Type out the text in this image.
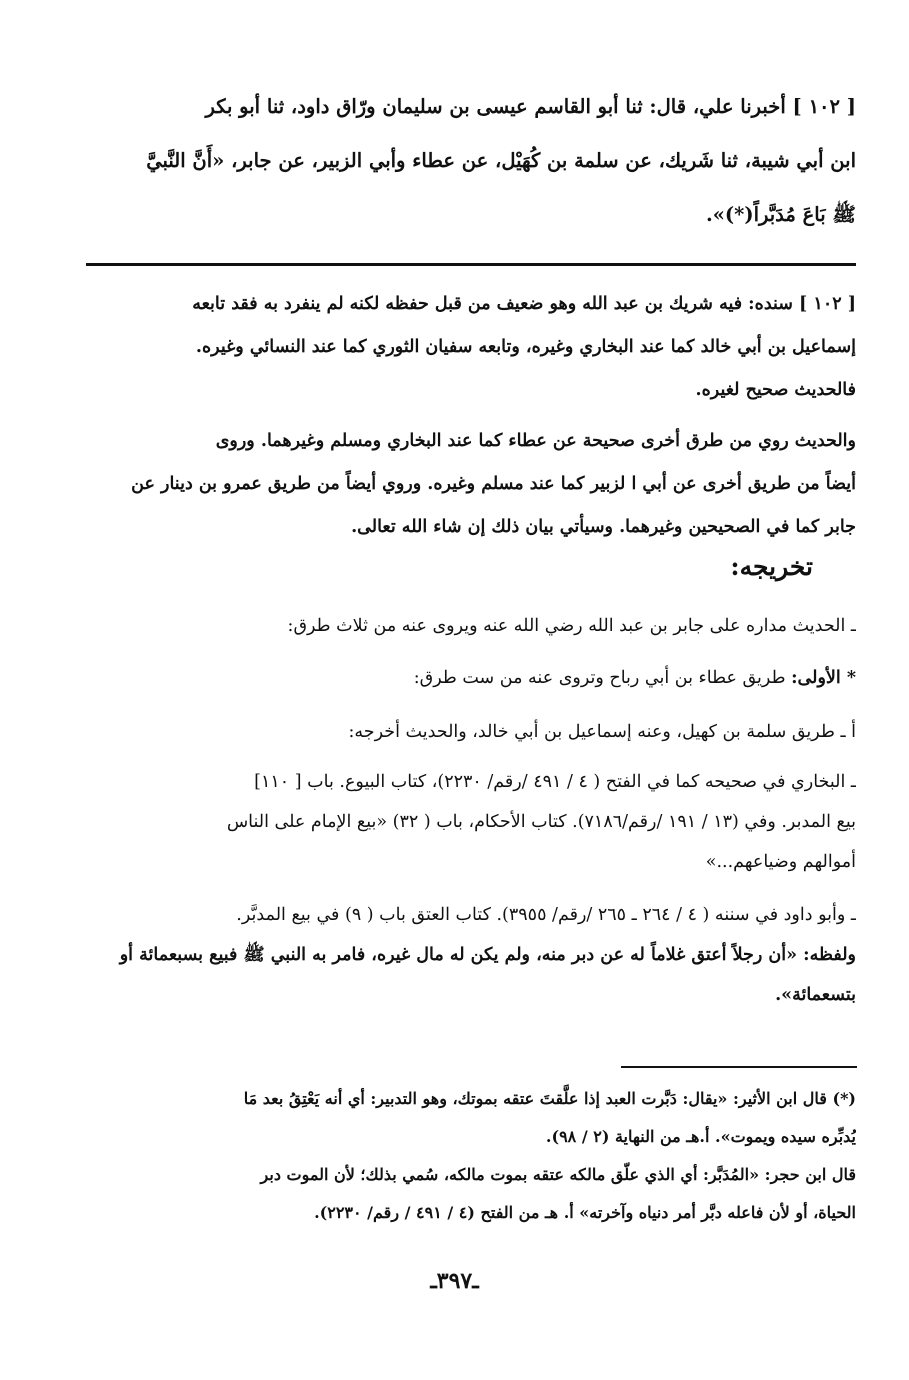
[ ١٠٢ ] أخبرنا علي، قال: ثنا أبو القاسم عيسى بن سليمان ورّاق داود، ثنا أبو بكر
ابن أبي شيبة، ثنا شَريك، عن سلمة بن كُهَيْل، عن عطاء وأبي الزبير، عن جابر، «أَنَّ النَّبيَّ
ﷺ بَاعَ مُدَبَّراً(*)».
[ ١٠٢ ] سنده: فيه شريك بن عبد الله وهو ضعيف من قبل حفظه لكنه لم ينفرد به فقد تابعه
إسماعيل بن أبي خالد كما عند البخاري وغيره، وتابعه سفيان الثوري كما عند النسائي وغيره.
فالحديث صحيح لغيره.
والحديث روي من طرق أخرى صحيحة عن عطاء كما عند البخاري ومسلم وغيرهما. وروى
أيضاً من طريق أخرى عن أبي ا لزبير كما عند مسلم وغيره. وروي أيضاً من طريق عمرو بن دينار عن
جابر كما في الصحيحين وغيرهما. وسيأتي بيان ذلك إن شاء الله تعالى.
تخريجه:
ـ الحديث مداره على جابر بن عبد الله رضي الله عنه ويروى عنه من ثلاث طرق:
* الأولى: طريق عطاء بن أبي رباح وتروى عنه من ست طرق:
أ ـ طريق سلمة بن كهيل، وعنه إسماعيل بن أبي خالد، والحديث أخرجه:
ـ البخاري في صحيحه كما في الفتح ( ٤ / ٤٩١ /رقم/ ٢٢٣٠)، كتاب البيوع. باب [ ١١٠]
بيع المدبر. وفي (١٣ / ١٩١ /رقم/٧١٨٦). كتاب الأحكام، باب ( ٣٢) «بيع الإمام على الناس
أموالهم وضياعهم...»
ـ وأبو داود في سننه ( ٤ / ٢٦٤ ـ ٢٦٥ /رقم/ ٣٩٥٥). كتاب العتق باب ( ٩) في بيع المدبَّر.
ولفظه: «أن رجلاً أعتق غلاماً له عن دبر منه، ولم يكن له مال غيره، فامر به النبي ﷺ فبيع بسبعمائة أو
بتسعمائة».
(*) قال ابن الأثير: «يقال: دَبَّرت العبد إذا علَّقتَ عتقه بموتك، وهو التدبير: أي أنه يَعْتِقُ بعد مَا
يُدبِّره سيده ويموت». أ.هـ من النهاية (٢ / ٩٨).
قال ابن حجر: «المُدَبَّر: أي الذي علّق مالكه عتقه بموت مالكه، سُمي بذلك؛ لأن الموت دبر
الحياة، أو لأن فاعله دبَّر أمر دنياه وآخرته» أ. هـ من الفتح (٤ / ٤٩١ / رقم/ ٢٢٣٠).
ـ٣٩٧ـ
